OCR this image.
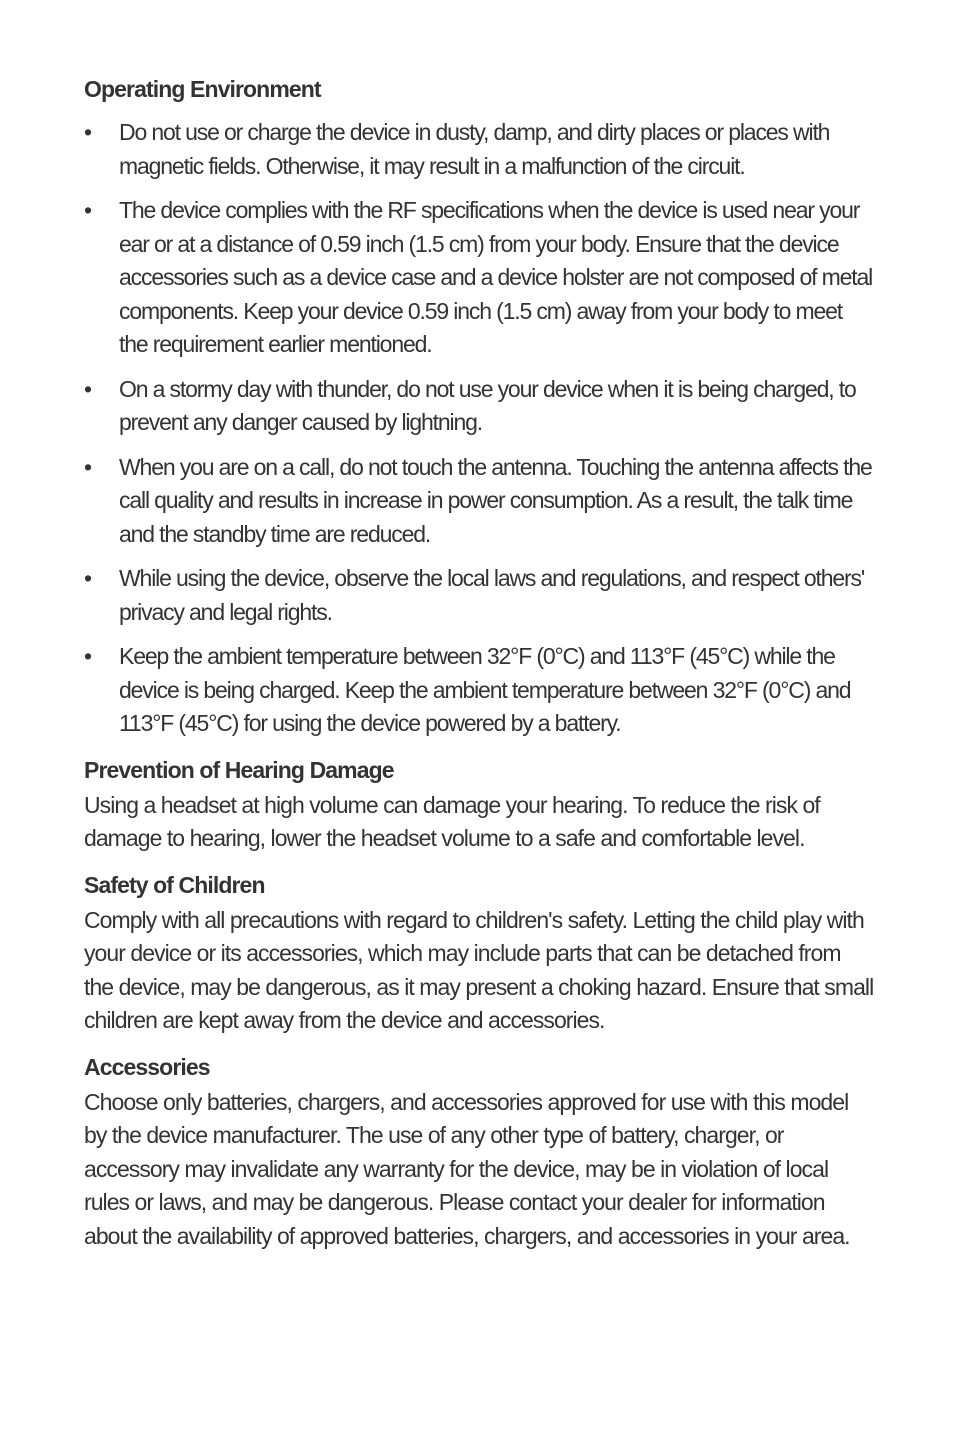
Operating Environment
• Do not use or charge the device in dusty, damp, and dirty places or places with magnetic fields. Otherwise, it may result in a malfunction of the circuit.
• The device complies with the RF specifications when the device is used near your ear or at a distance of 0.59 inch (1.5 cm) from your body. Ensure that the device accessories such as a device case and a device holster are not composed of metal components. Keep your device 0.59 inch (1.5 cm) away from your body to meet the requirement earlier mentioned.
• On a stormy day with thunder, do not use your device when it is being charged, to prevent any danger caused by lightning.
• When you are on a call, do not touch the antenna. Touching the antenna affects the call quality and results in increase in power consumption. As a result, the talk time and the standby time are reduced.
• While using the device, observe the local laws and regulations, and respect others' privacy and legal rights.
• Keep the ambient temperature between 32°F (0°C) and 113°F (45°C) while the device is being charged. Keep the ambient temperature between 32°F (0°C) and 113°F (45°C) for using the device powered by a battery.
Prevention of Hearing Damage

Using a headset at high volume can damage your hearing. To reduce the risk of damage to hearing, lower the headset volume to a safe and comfortable level.

Safety of Children

Comply with all precautions with regard to children's safety. Letting the child play with your device or its accessories, which may include parts that can be detached from the device, may be dangerous, as it may present a choking hazard. Ensure that small children are kept away from the device and accessories.

Accessories

Choose only batteries, chargers, and accessories approved for use with this model by the device manufacturer. The use of any other type of battery, charger, or accessory may invalidate any warranty for the device, may be in violation of local rules or laws, and may be dangerous. Please contact your dealer for information about the availability of approved batteries, chargers, and accessories in your area.
